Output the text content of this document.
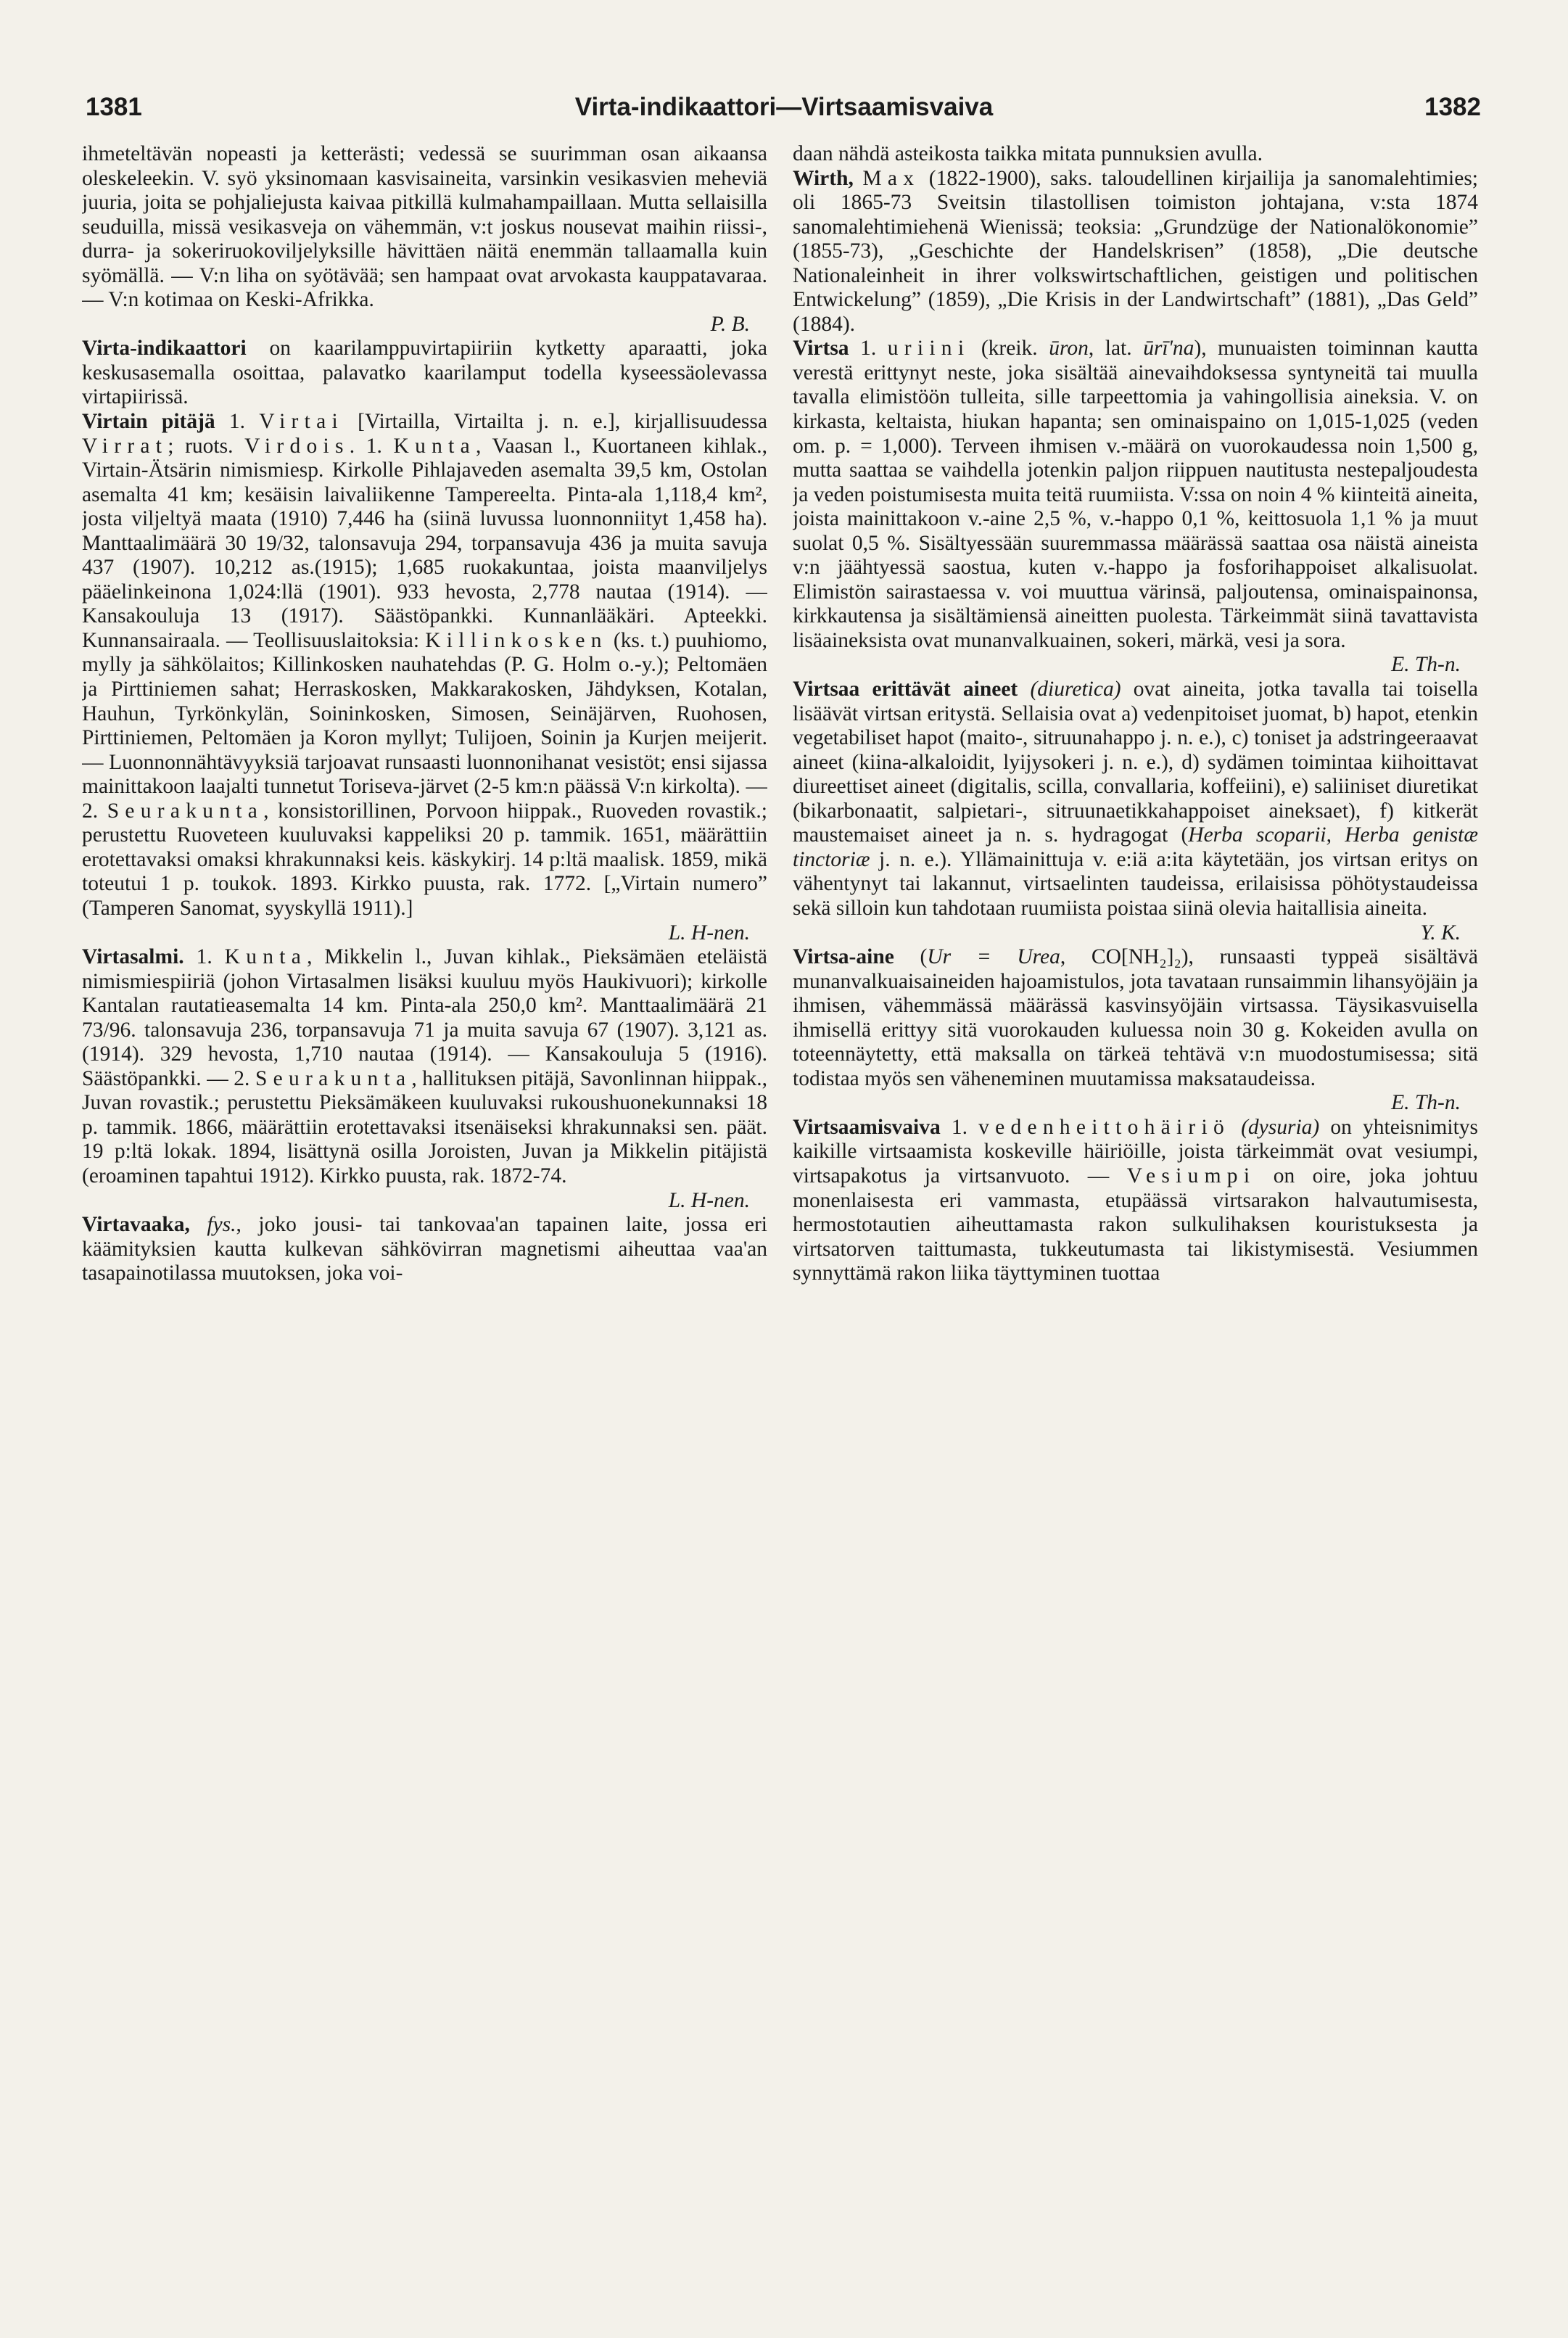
1381	Virta-indikaattori—Virtsaamisvaiva	1382

ihmeteltävän nopeasti ja ketterästi; vedessä se suurimman osan aikaansa oleskeleekin. V. syö yksinomaan kasvisaineita, varsinkin vesikasvien meheviä juuria, joita se pohjaliejusta kaivaa pitkillä kulmahampaillaan. Mutta sellaisilla seuduilla, missä vesikasveja on vähemmän, v:t joskus nousevat maihin riissi-, durra- ja sokeriruokoviljelyksille hävittäen näitä enemmän tallaamalla kuin syömällä. — V:n liha on syötävää; sen hampaat ovat arvokasta kauppatavaraa. — V:n kotimaa on Keski-Afrikka.

P. B.

Virta-indikaattori on kaarilamppuvirtapiiriin kytketty aparaatti, joka keskusasemalla osoittaa, palavatko kaarilamput todella kyseessäolevassa virtapiirissä.

Virtain pitäjä 1. Virtai [Virtailla, Virtailta j. n. e.], kirjallisuudessa Virrat; ruots. Virdois. 1. Kunta, Vaasan l., Kuortaneen kihlak., Virtain-Ätsärin nimismiesp. Kirkolle Pihlajaveden asemalta 39,5 km, Ostolan asemalta 41 km; kesäisin laivaliikenne Tampereelta. Pinta-ala 1,118,4 km², josta viljeltyä maata (1910) 7,446 ha (siinä luvussa luonnonniityt 1,458 ha). Manttaalimäärä 30 19/32, talonsavuja 294, torpansavuja 436 ja muita savuja 437 (1907). 10,212 as.(1915); 1,685 ruokakuntaa, joista maanviljelys pääelinkeinona 1,024:llä (1901). 933 hevosta, 2,778 nautaa (1914). — Kansakouluja 13 (1917). Säästöpankki. Kunnanlääkäri. Apteekki. Kunnansairaala. — Teollisuuslaitoksia: Killinkosken (ks. t.) puuhiomo, mylly ja sähkölaitos; Killinkosken nauhatehdas (P. G. Holm o.-y.); Peltomäen ja Pirttiniemen sahat; Herraskosken, Makkarakosken, Jähdyksen, Kotalan, Hauhun, Tyrkönkylän, Soininkosken, Simosen, Seinäjärven, Ruohosen, Pirttiniemen, Peltomäen ja Koron myllyt; Tulijoen, Soinin ja Kurjen meijerit. — Luonnonnähtävyyksiä tarjoavat runsaasti luonnonihanat vesistöt; ensi sijassa mainittakoon laajalti tunnetut Toriseva-järvet (2-5 km:n päässä V:n kirkolta). — 2. Seurakunta, konsistorillinen, Porvoon hiippak., Ruoveden rovastik.; perustettu Ruoveteen kuuluvaksi kappeliksi 20 p. tammik. 1651, määrättiin erotettavaksi omaksi khrakunnaksi keis. käskykirj. 14 p:ltä maalisk. 1859, mikä toteutui 1 p. toukok. 1893. Kirkko puusta, rak. 1772. [„Virtain numero” (Tamperen Sanomat, syyskyllä 1911).]

L. H-nen.

Virtasalmi. 1. Kunta, Mikkelin l., Juvan kihlak., Pieksämäen eteläistä nimismiespiiriä (johon Virtasalmen lisäksi kuuluu myös Haukivuori); kirkolle Kantalan rautatieasemalta 14 km. Pinta-ala 250,0 km². Manttaalimäärä 21 73/96. talonsavuja 236, torpansavuja 71 ja muita savuja 67 (1907). 3,121 as. (1914). 329 hevosta, 1,710 nautaa (1914). — Kansakouluja 5 (1916). Säästöpankki. — 2. Seurakunta, hallituksen pitäjä, Savonlinnan hiippak., Juvan rovastik.; perustettu Pieksämäkeen kuuluvaksi rukoushuonekunnaksi 18 p. tammik. 1866, määrättiin erotettavaksi itsenäiseksi khrakunnaksi sen. päät. 19 p:ltä lokak. 1894, lisättynä osilla Joroisten, Juvan ja Mikkelin pitäjistä (eroaminen tapahtui 1912). Kirkko puusta, rak. 1872-74.

L. H-nen.

Virtavaaka, fys., joko jousi- tai tankovaa'an tapainen laite, jossa eri käämityksien kautta kulkevan sähkövirran magnetismi aiheuttaa vaa'an tasapainotilassa muutoksen, joka voi-

daan nähdä asteikosta taikka mitata punnuksien avulla.

Wirth, Max (1822-1900), saks. taloudellinen kirjailija ja sanomalehtimies; oli 1865-73 Sveitsin tilastollisen toimiston johtajana, v:sta 1874 sanomalehtimiehenä Wienissä; teoksia: „Grundzüge der Nationalökonomie” (1855-73), „Geschichte der Handelskrisen” (1858), „Die deutsche Nationaleinheit in ihrer volkswirtschaftlichen, geistigen und politischen Entwickelung” (1859), „Die Krisis in der Landwirtschaft” (1881), „Das Geld” (1884).

Virtsa 1. uriini (kreik. ūron, lat. ūrī'na), munuaisten toiminnan kautta verestä erittynyt neste, joka sisältää ainevaihdoksessa syntyneitä tai muulla tavalla elimistöön tulleita, sille tarpeettomia ja vahingollisia aineksia. V. on kirkasta, keltaista, hiukan hapanta; sen ominaispaino on 1,015-1,025 (veden om. p. = 1,000). Terveen ihmisen v.-määrä on vuorokaudessa noin 1,500 g, mutta saattaa se vaihdella jotenkin paljon riippuen nautitusta nestepaljoudesta ja veden poistumisesta muita teitä ruumiista. V:ssa on noin 4 % kiinteitä aineita, joista mainittakoon v.-aine 2,5 %, v.-happo 0,1 %, keittosuola 1,1 % ja muut suolat 0,5 %. Sisältyessään suuremmassa määrässä saattaa osa näistä aineista v:n jäähtyessä saostua, kuten v.-happo ja fosforihappoiset alkalisuolat. Elimistön sairastaessa v. voi muuttua värinsä, paljoutensa, ominaispainonsa, kirkkautensa ja sisältämiensä aineitten puolesta. Tärkeimmät siinä tavattavista lisäaineksista ovat munanvalkuainen, sokeri, märkä, vesi ja sora.

E. Th-n.

Virtsaa erittävät aineet (diuretica) ovat aineita, jotka tavalla tai toisella lisäävät virtsan eritystä. Sellaisia ovat a) vedenpitoiset juomat, b) hapot, etenkin vegetabiliset hapot (maito-, sitruunahappo j. n. e.), c) toniset ja adstringeeraavat aineet (kiina-alkaloidit, lyijysokeri j. n. e.), d) sydämen toimintaa kiihoittavat diureettiset aineet (digitalis, scilla, convallaria, koffeiini), e) saliiniset diuretikat (bikarbonaatit, salpietari-, sitruunaetikkahappoiset aineksaet), f) kitkerät maustemaiset aineet ja n. s. hydragogat (Herba scoparii, Herba genistæ tinctoriæ j. n. e.). Yllämainittuja v. e:iä a:ita käytetään, jos virtsan eritys on vähentynyt tai lakannut, virtsaelinten taudeissa, erilaisissa pöhötystaudeissa sekä silloin kun tahdotaan ruumiista poistaa siinä olevia haitallisia aineita.

Y. K.

Virtsa-aine (Ur = Urea, CO[NH₂]₂), runsaasti typpeä sisältävä munanvalkuaisaineiden hajoamistulos, jota tavataan runsaimmin lihansyöjäin ja ihmisen, vähemmässä määrässä kasvinsyöjäin virtsassa. Täysikasvuisella ihmisellä erittyy sitä vuorokauden kuluessa noin 30 g. Kokeiden avulla on toteennäytetty, että maksalla on tärkeä tehtävä v:n muodostumisessa; sitä todistaa myös sen väheneminen muutamissa maksataudeissa.

E. Th-n.

Virtsaamisvaiva 1. vedenheittohäiriö (dysuria) on yhteisnimitys kaikille virtsaamista koskeville häiriöille, joista tärkeimmät ovat vesiumpi, virtsapakotus ja virtsanvuoto. — Vesiumpi on oire, joka johtuu monenlaisesta eri vammasta, etupäässä virtsarakon halvautumisesta, hermostotautien aiheuttamasta rakon sulkulihaksen kouristuksesta ja virtsatorven taittumasta, tukkeutumasta tai likistymisestä. Vesiummen synnyttämä rakon liika täyttyminen tuottaa
